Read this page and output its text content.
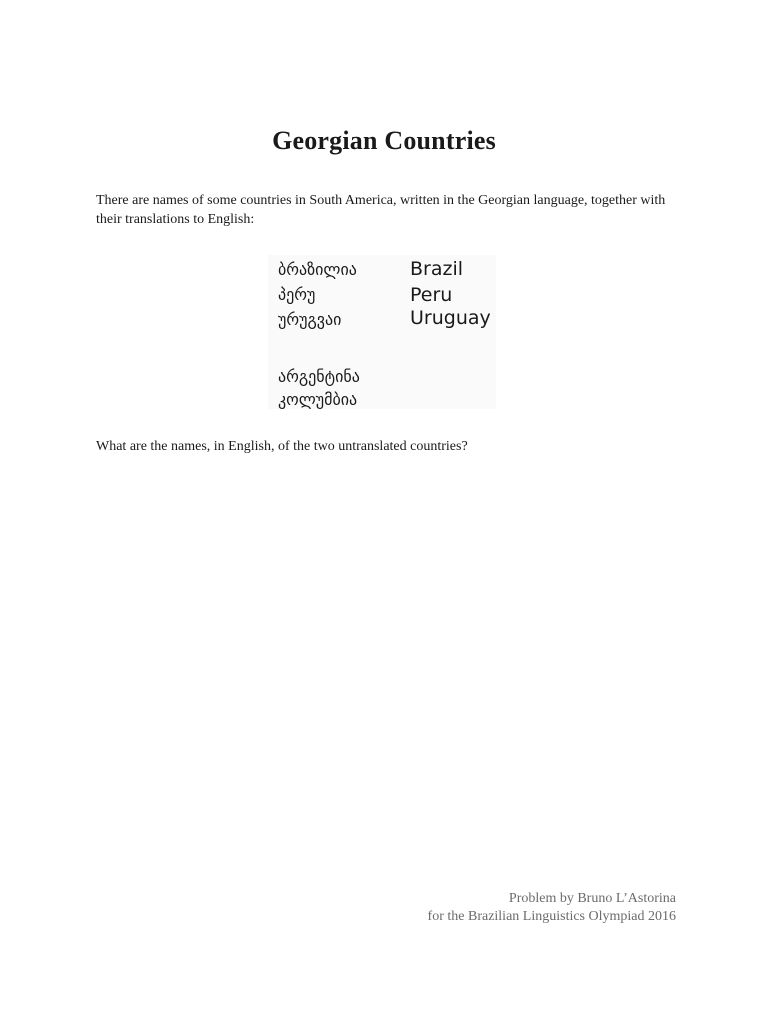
Georgian Countries

There are names of some countries in South America, written in the Georgian language, together with their translations to English:

ბრაზილია	Brazil
პერუ	Peru
ურუგვაი	Uruguay
არგენტინა
კოლუმბია

What are the names, in English, of the two untranslated countries?

Problem by Bruno L’Astorina
for the Brazilian Linguistics Olympiad 2016
